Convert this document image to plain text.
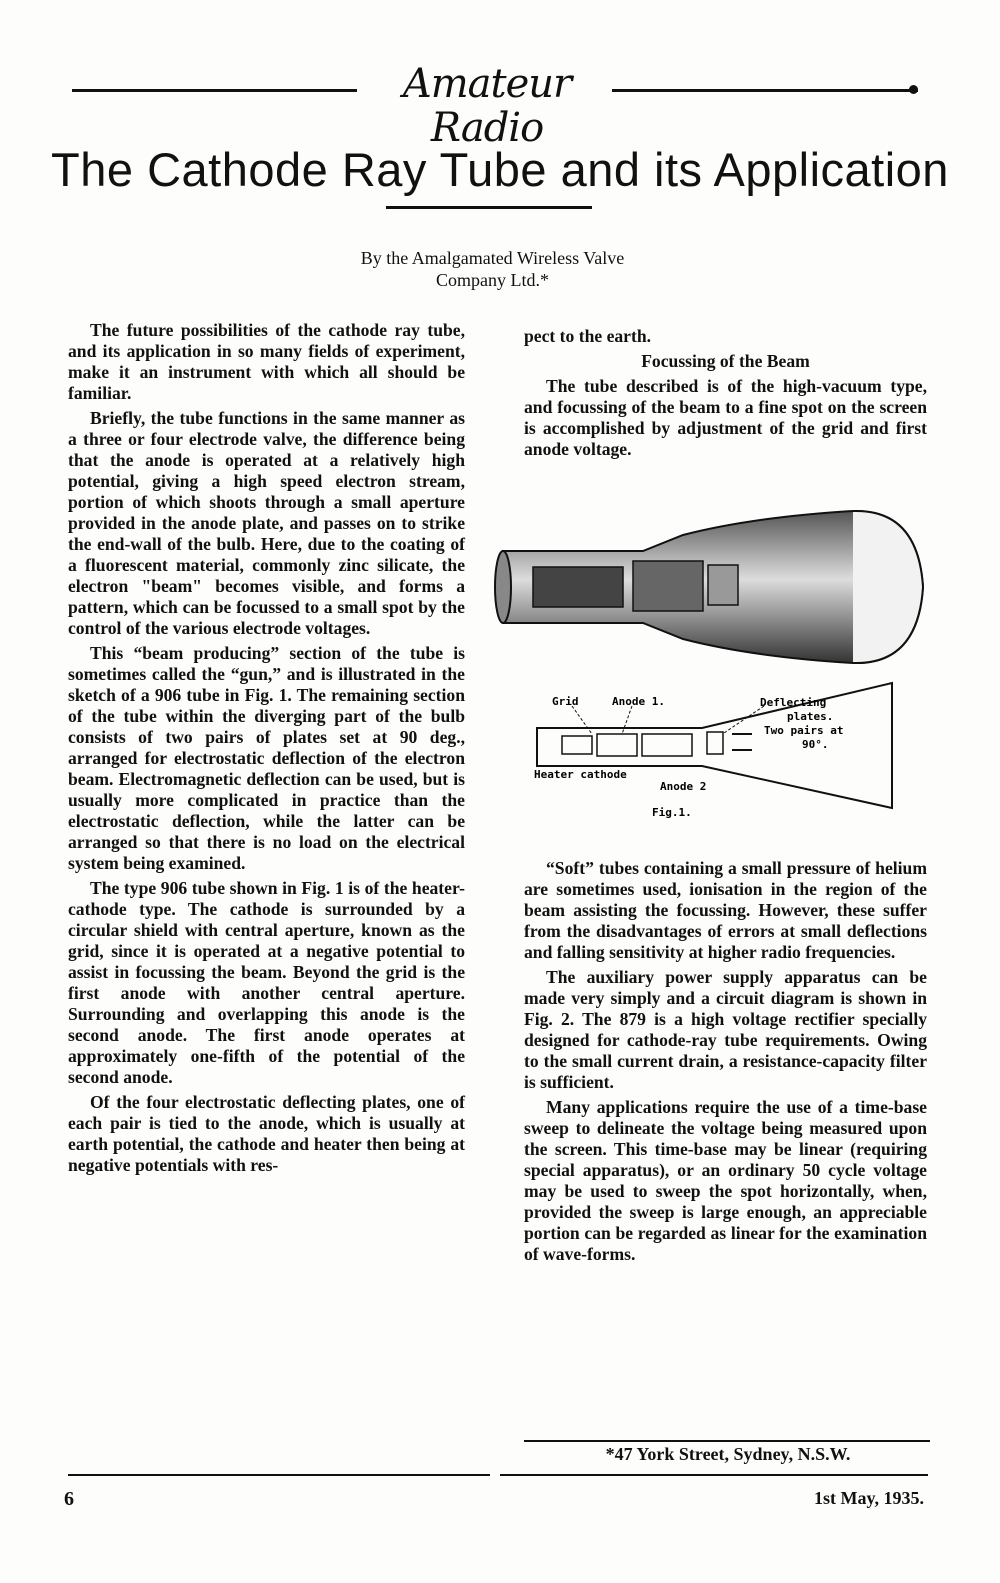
Amateur Radio
The Cathode Ray Tube and its Application
By the Amalgamated Wireless Valve
Company Ltd.*

The future possibilities of the cathode ray tube, and its application in so many fields of experiment, make it an instrument with which all should be familiar.

Briefly, the tube functions in the same manner as a three or four electrode valve, the difference being that the anode is operated at a relatively high potential, giving a high speed electron stream, portion of which shoots through a small aperture provided in the anode plate, and passes on to strike the end-wall of the bulb. Here, due to the coating of a fluorescent material, commonly zinc silicate, the electron "beam" becomes visible, and forms a pattern, which can be focussed to a small spot by the control of the various electrode voltages.

This “beam producing” section of the tube is sometimes called the “gun,” and is illustrated in the sketch of a 906 tube in Fig. 1. The remaining section of the tube within the diverging part of the bulb consists of two pairs of plates set at 90 deg., arranged for electrostatic deflection of the electron beam. Electromagnetic deflection can be used, but is usually more complicated in practice than the electrostatic deflection, while the latter can be arranged so that there is no load on the electrical system being examined.

The type 906 tube shown in Fig. 1 is of the heater-cathode type. The cathode is surrounded by a circular shield with central aperture, known as the grid, since it is operated at a negative potential to assist in focussing the beam. Beyond the grid is the first anode with another central aperture. Surrounding and overlapping this anode is the second anode. The first anode operates at approximately one-fifth of the potential of the second anode.

Of the four electrostatic deflecting plates, one of each pair is tied to the anode, which is usually at earth potential, the cathode and heater then being at negative potentials with res-

pect to the earth.

Focussing of the Beam

The tube described is of the high-vacuum type, and focussing of the beam to a fine spot on the screen is accomplished by adjustment of the grid and first anode voltage.

Grid	Anode 1.	Deflecting
plates.
Two pairs at
90°.
Heater cathode
Anode 2
Fig.1.

“Soft” tubes containing a small pressure of helium are sometimes used, ionisation in the region of the beam assisting the focussing. However, these suffer from the disadvantages of errors at small deflections and falling sensitivity at higher radio frequencies.

The auxiliary power supply apparatus can be made very simply and a circuit diagram is shown in Fig. 2. The 879 is a high voltage rectifier specially designed for cathode-ray tube requirements. Owing to the small current drain, a resistance-capacity filter is sufficient.

Many applications require the use of a time-base sweep to delineate the voltage being measured upon the screen. This time-base may be linear (requiring special apparatus), or an ordinary 50 cycle voltage may be used to sweep the spot horizontally, when, provided the sweep is large enough, an appreciable portion can be regarded as linear for the examination of wave-forms.

*47 York Street, Sydney, N.S.W.
6	1st May, 1935.
